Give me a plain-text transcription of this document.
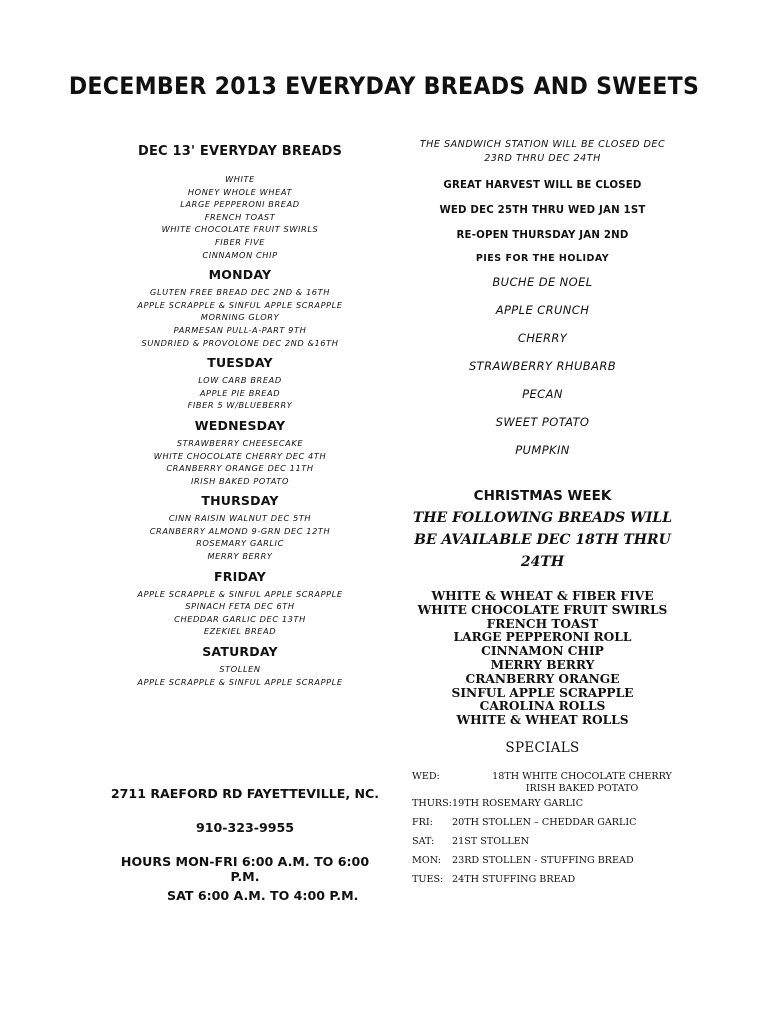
DECEMBER 2013 EVERYDAY BREADS AND SWEETS
DEC 13' EVERYDAY BREADS
WHITE
HONEY WHOLE WHEAT
LARGE PEPPERONI BREAD
FRENCH TOAST
WHITE CHOCOLATE FRUIT SWIRLS
FIBER FIVE
CINNAMON CHIP
MONDAY
GLUTEN FREE BREAD DEC 2ND & 16TH
APPLE SCRAPPLE & SINFUL APPLE SCRAPPLE
MORNING GLORY
PARMESAN PULL-A-PART 9TH
SUNDRIED & PROVOLONE DEC 2ND &16TH
TUESDAY
LOW CARB BREAD
APPLE PIE BREAD
FIBER 5 W/BLUEBERRY
WEDNESDAY
STRAWBERRY CHEESECAKE
WHITE CHOCOLATE CHERRY DEC 4TH
CRANBERRY ORANGE DEC 11TH
IRISH BAKED POTATO
THURSDAY
CINN RAISIN WALNUT DEC 5TH
CRANBERRY ALMOND 9-GRN DEC 12TH
ROSEMARY GARLIC
MERRY BERRY
FRIDAY
APPLE SCRAPPLE & SINFUL APPLE SCRAPPLE
SPINACH FETA DEC 6TH
CHEDDAR GARLIC DEC 13TH
EZEKIEL BREAD
SATURDAY
STOLLEN
APPLE SCRAPPLE & SINFUL APPLE SCRAPPLE
THE SANDWICH STATION WILL BE CLOSED DEC
23RD THRU DEC 24TH
GREAT HARVEST WILL BE CLOSED
WED DEC 25TH THRU WED JAN 1ST
RE-OPEN THURSDAY JAN 2ND
PIES FOR THE HOLIDAY
BUCHE DE NOEL
APPLE CRUNCH
CHERRY
STRAWBERRY RHUBARB
PECAN
SWEET POTATO
PUMPKIN
CHRISTMAS WEEK
THE FOLLOWING BREADS WILL
BE AVAILABLE DEC 18TH THRU
24TH
WHITE & WHEAT & FIBER FIVE
WHITE CHOCOLATE FRUIT SWIRLS
FRENCH TOAST
LARGE PEPPERONI ROLL
CINNAMON CHIP
MERRY BERRY
CRANBERRY ORANGE
SINFUL APPLE SCRAPPLE
CAROLINA ROLLS
WHITE & WHEAT ROLLS
SPECIALS
WED:	18TH WHITE CHOCOLATE CHERRY
IRISH BAKED POTATO
THURS: 19TH ROSEMARY GARLIC
FRI:	20TH STOLLEN – CHEDDAR GARLIC
SAT:	21ST STOLLEN
MON:	23RD STOLLEN - STUFFING BREAD
TUES: 24TH STUFFING BREAD
2711 RAEFORD RD FAYETTEVILLE, NC.
910-323-9955
HOURS MON-FRI 6:00 A.M. TO 6:00 P.M.
SAT 6:00 A.M. TO 4:00 P.M.
